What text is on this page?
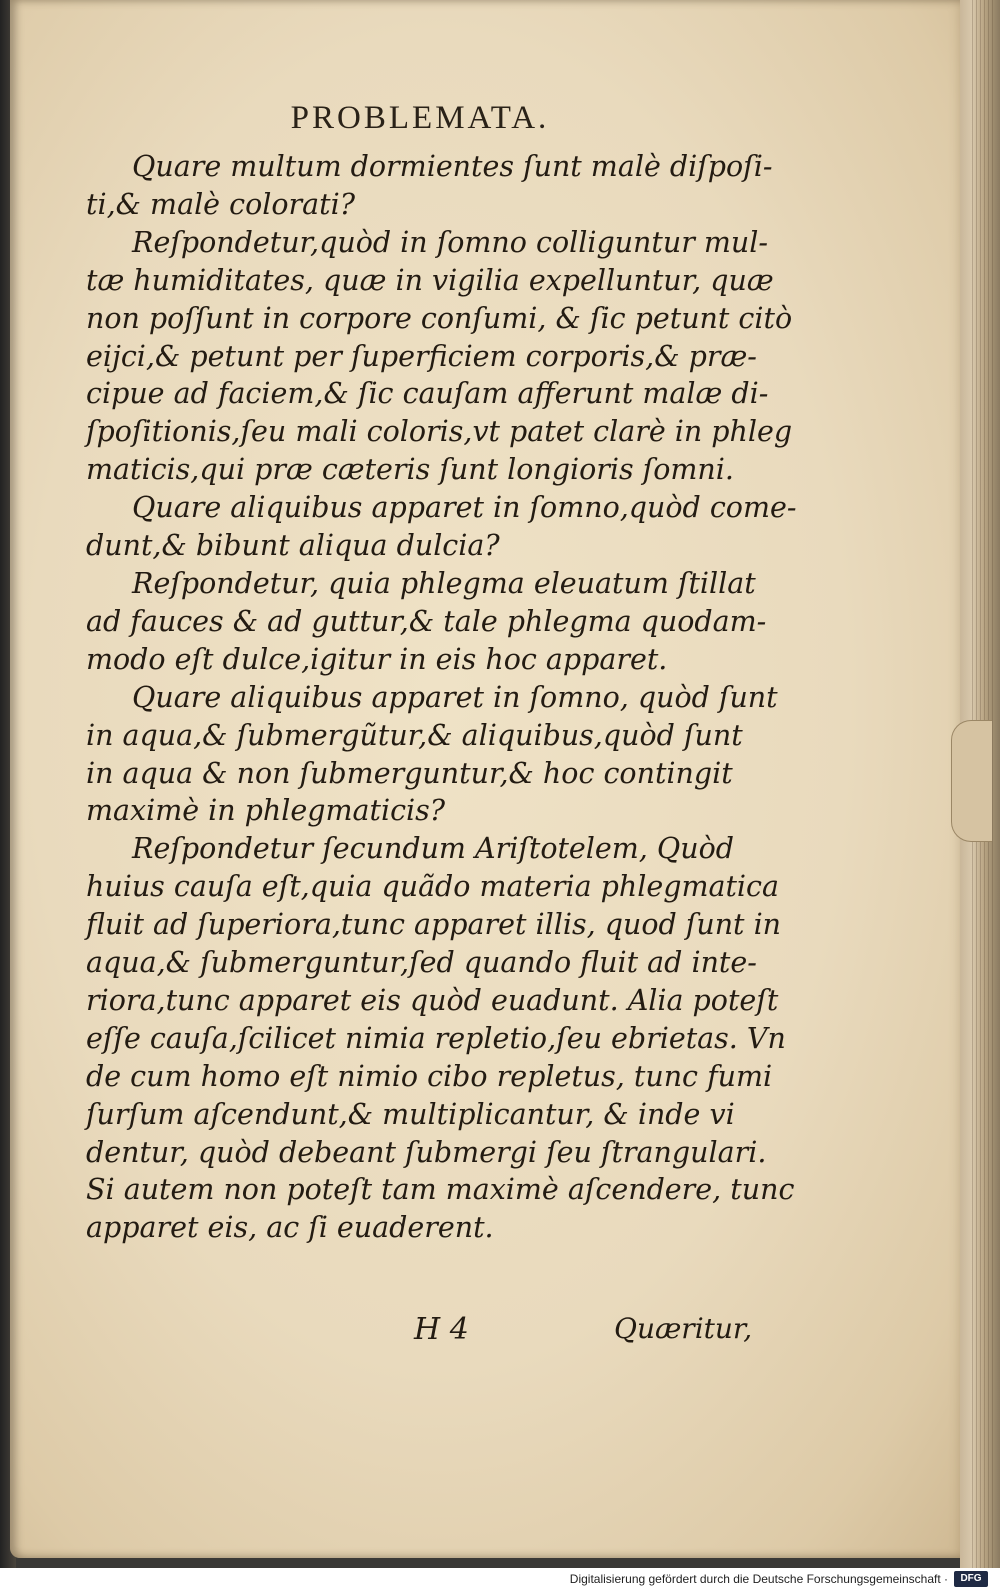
PROBLEMATA.
Quare multum dormientes ſunt malè diſpoſi-
ti,& malè colorati?
Reſpondetur,quòd in ſomno colliguntur mul-
tæ humiditates, quæ in vigilia expelluntur, quæ
non poſſunt in corpore conſumi, & ſic petunt citò
eijci,& petunt per ſuperficiem corporis,& præ-
cipue ad faciem,& ſic cauſam afferunt malæ di-
ſpoſitionis,ſeu mali coloris,vt patet clarè in phleg
maticis,qui præ cæteris ſunt longioris ſomni.
Quare aliquibus apparet in ſomno,quòd come-
dunt,& bibunt aliqua dulcia?
Reſpondetur, quia phlegma eleuatum ſtillat
ad fauces & ad guttur,& tale phlegma quodam-
modo eſt dulce,igitur in eis hoc apparet.
Quare aliquibus apparet in ſomno, quòd ſunt
in aqua,& ſubmergũtur,& aliquibus,quòd ſunt
in aqua & non ſubmerguntur,& hoc contingit
maximè in phlegmaticis?
Reſpondetur ſecundum Ariſtotelem, Quòd
huius cauſa eſt,quia quãdo materia phlegmatica
fluit ad ſuperiora,tunc apparet illis, quod ſunt in
aqua,& ſubmerguntur,ſed quando fluit ad inte-
riora,tunc apparet eis quòd euadunt. Alia poteſt
eſſe cauſa,ſcilicet nimia repletio,ſeu ebrietas. Vn
de cum homo eſt nimio cibo repletus, tunc fumi
ſurſum aſcendunt,& multiplicantur, & inde vi
dentur, quòd debeant ſubmergi ſeu ſtrangulari.
Si autem non poteſt tam maximè aſcendere, tunc
apparet eis, ac ſi euaderent.
H 4	Quæritur,
Digitalisierung gefördert durch die Deutsche Forschungsgemeinschaft ·	DFG
